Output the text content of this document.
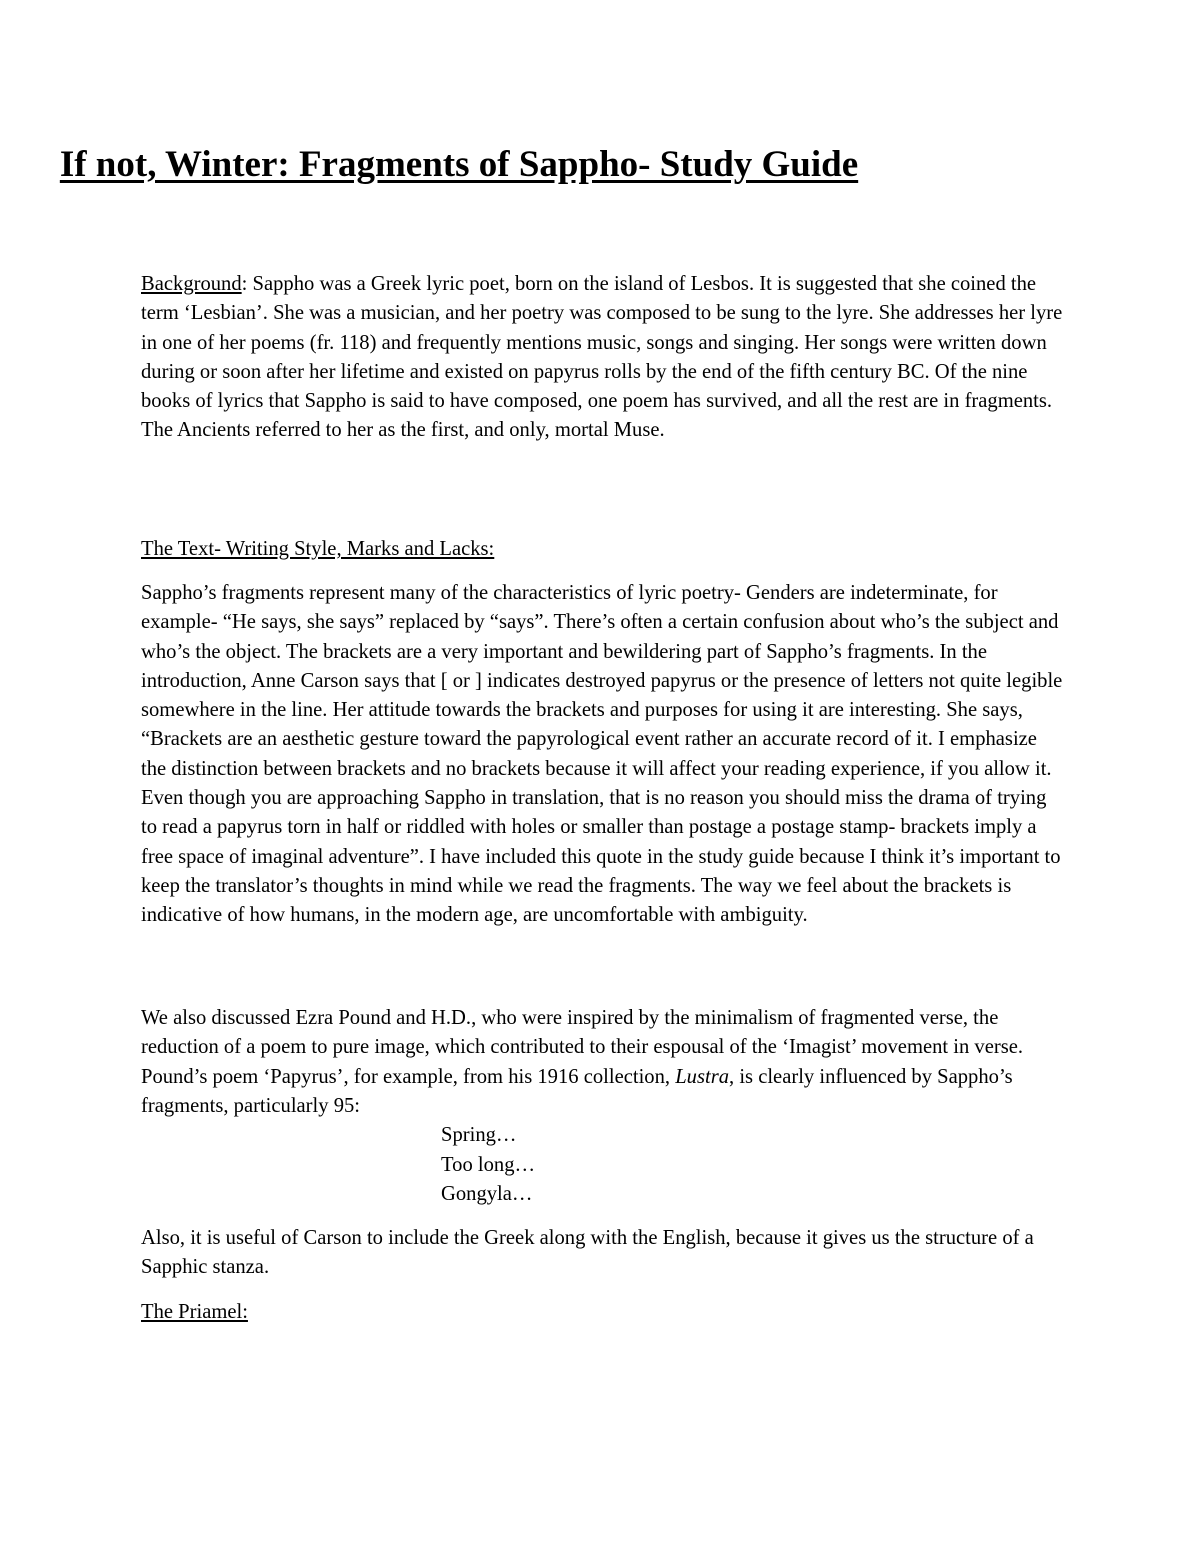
If not, Winter: Fragments of Sappho- Study Guide

Background: Sappho was a Greek lyric poet, born on the island of Lesbos. It is suggested that she coined the term ‘Lesbian’. She was a musician, and her poetry was composed to be sung to the lyre. She addresses her lyre in one of her poems (fr. 118) and frequently mentions music, songs and singing. Her songs were written down during or soon after her lifetime and existed on papyrus rolls by the end of the fifth century BC. Of the nine books of lyrics that Sappho is said to have composed, one poem has survived, and all the rest are in fragments. The Ancients referred to her as the first, and only, mortal Muse.

The Text- Writing Style, Marks and Lacks:

Sappho’s fragments represent many of the characteristics of lyric poetry- Genders are indeterminate, for example- “He says, she says” replaced by “says”. There’s often a certain confusion about who’s the subject and who’s the object. The brackets are a very important and bewildering part of Sappho’s fragments. In the introduction, Anne Carson says that [ or ] indicates destroyed papyrus or the presence of letters not quite legible somewhere in the line. Her attitude towards the brackets and purposes for using it are interesting. She says, “Brackets are an aesthetic gesture toward the papyrological event rather an accurate record of it. I emphasize the distinction between brackets and no brackets because it will affect your reading experience, if you allow it. Even though you are approaching Sappho in translation, that is no reason you should miss the drama of trying to read a papyrus torn in half or riddled with holes or smaller than postage a postage stamp- brackets imply a free space of imaginal adventure”. I have included this quote in the study guide because I think it’s important to keep the translator’s thoughts in mind while we read the fragments. The way we feel about the brackets is indicative of how humans, in the modern age, are uncomfortable with ambiguity.

We also discussed Ezra Pound and H.D., who were inspired by the minimalism of fragmented verse, the reduction of a poem to pure image, which contributed to their espousal of the ‘Imagist’ movement in verse. Pound’s poem ‘Papyrus’, for example, from his 1916 collection, Lustra, is clearly influenced by Sappho’s fragments, particularly 95:

Spring…
Too long…
Gongyla…

Also, it is useful of Carson to include the Greek along with the English, because it gives us the structure of a Sapphic stanza.

The Priamel:
